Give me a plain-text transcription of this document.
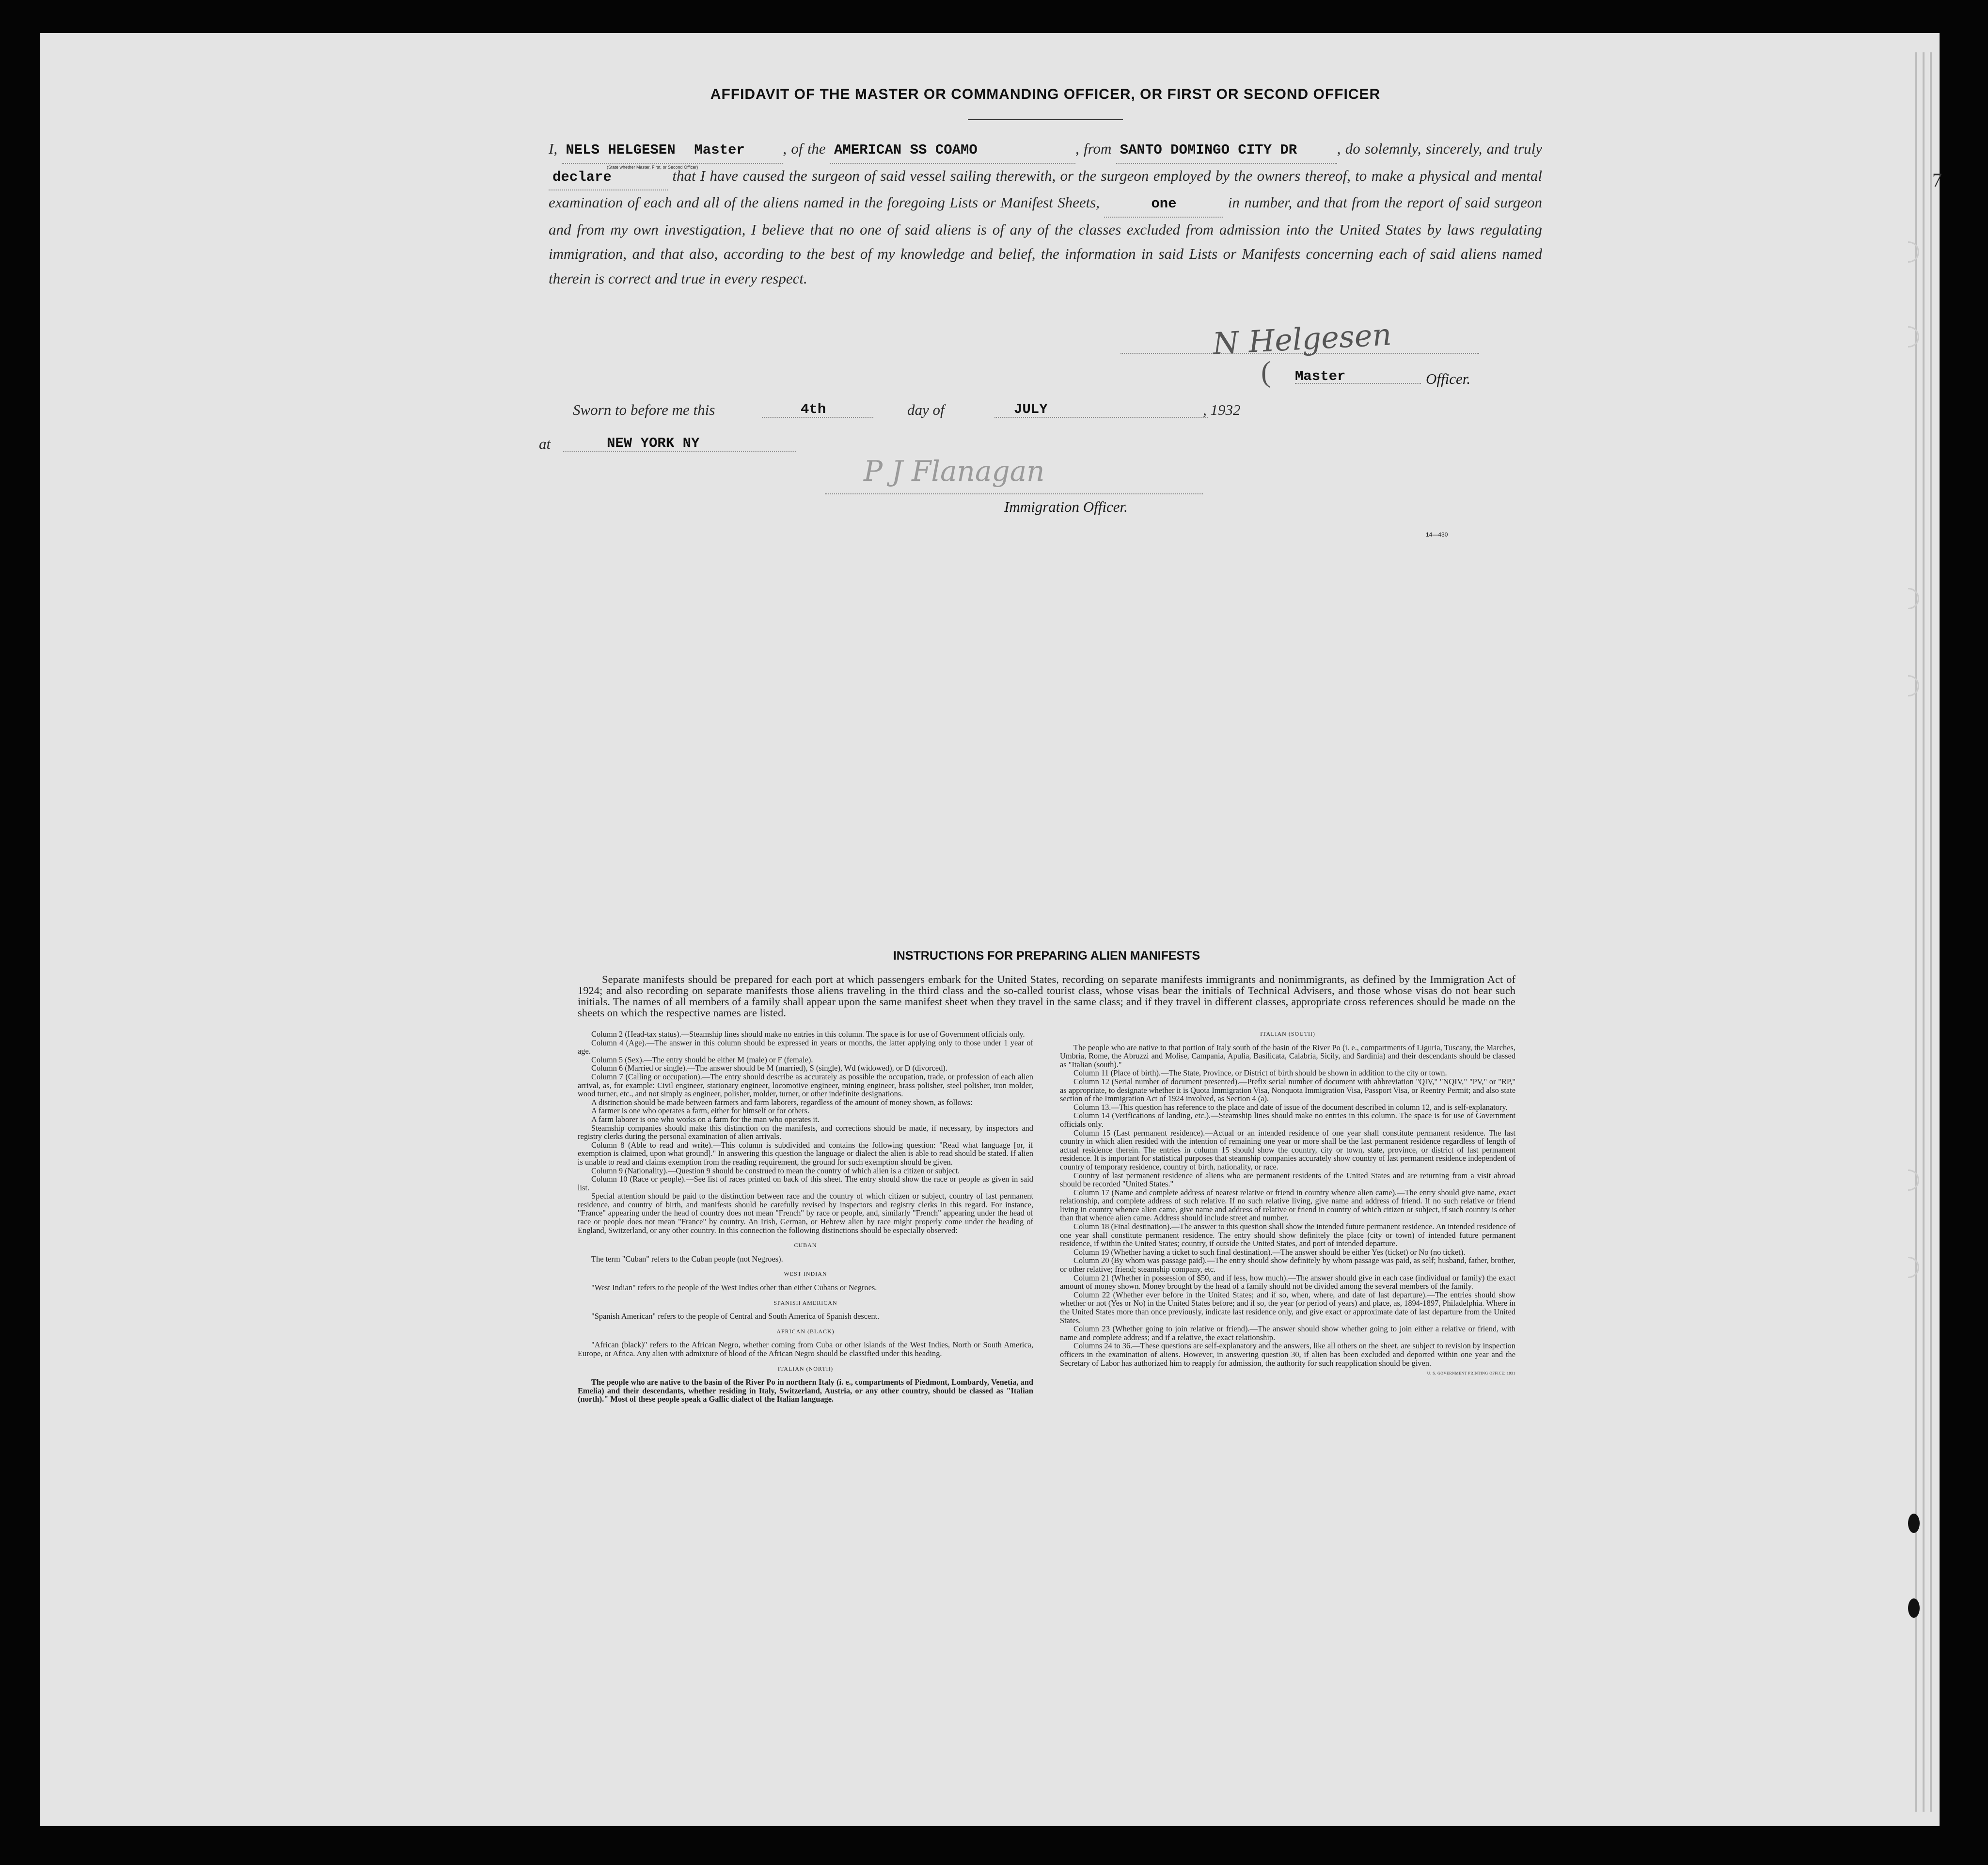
7
AFFIDAVIT OF THE MASTER OR COMMANDING OFFICER, OR FIRST OR SECOND OFFICER
I, NELS HELGESEN Master	, of the AMERICAN SS COAMO	, from SANTO DOMINGO CITY DR	, do
(State whether Master, First, or Second Officer)
solemnly, sincerely, and truly declare	that I have caused the surgeon of said vessel sailing therewith, or the surgeon employed by the owners thereof, to make a physical and mental examination of each and all of the aliens named in the foregoing Lists or Manifest Sheets,	one	in number, and that from the report of said surgeon and from my own investigation, I believe that no one of said aliens is of any of the classes excluded from admission into the United States by laws regulating immigration, and that also, according to the best of my knowledge and belief, the information in said Lists or Manifests concerning each of said aliens named therein is correct and true in every respect.
N Helgesen
( Master	Officer.
Sworn to before me this	4th	day of	JULY	, 1932
at	NEW YORK NY
P J Flanagan
Immigration Officer.
14—430
INSTRUCTIONS FOR PREPARING ALIEN MANIFESTS
Separate manifests should be prepared for each port at which passengers embark for the United States, recording on separate manifests immigrants and nonimmigrants, as defined by the Immigration Act of 1924; and also recording on separate manifests those aliens traveling in the third class and the so-called tourist class, whose visas bear the initials of Technical Advisers, and those whose visas do not bear such initials. The names of all members of a family shall appear upon the same manifest sheet when they travel in the same class; and if they travel in different classes, appropriate cross references should be made on the sheets on which the respective names are listed.

Column 2 (Head-tax status).—Steamship lines should make no entries in this column. The space is for use of Government officials only.

Column 4 (Age).—The answer in this column should be expressed in years or months, the latter applying only to those under 1 year of age.

Column 5 (Sex).—The entry should be either M (male) or F (female).

Column 6 (Married or single).—The answer should be M (married), S (single), Wd (widowed), or D (divorced).

Column 7 (Calling or occupation).—The entry should describe as accurately as possible the occupation, trade, or profession of each alien arrival, as, for example: Civil engineer, stationary engineer, locomotive engineer, mining engineer, brass polisher, steel polisher, iron molder, wood turner, etc., and not simply as engineer, polisher, molder, turner, or other indefinite designations.

A distinction should be made between farmers and farm laborers, regardless of the amount of money shown, as follows:

A farmer is one who operates a farm, either for himself or for others.

A farm laborer is one who works on a farm for the man who operates it.

Steamship companies should make this distinction on the manifests, and corrections should be made, if necessary, by inspectors and registry clerks during the personal examination of alien arrivals.

Column 8 (Able to read and write).—This column is subdivided and contains the following question: "Read what language [or, if exemption is claimed, upon what ground]." In answering this question the language or dialect the alien is able to read should be stated. If alien is unable to read and claims exemption from the reading requirement, the ground for such exemption should be given.

Column 9 (Nationality).—Question 9 should be construed to mean the country of which alien is a citizen or subject.

Column 10 (Race or people).—See list of races printed on back of this sheet. The entry should show the race or people as given in said list.

Special attention should be paid to the distinction between race and the country of which citizen or subject, country of last permanent residence, and country of birth, and manifests should be carefully revised by inspectors and registry clerks in this regard. For instance, "France" appearing under the head of country does not mean "French" by race or people, and, similarly "French" appearing under the head of race or people does not mean "France" by country. An Irish, German, or Hebrew alien by race might properly come under the heading of England, Switzerland, or any other country. In this connection the following distinctions should be especially observed:

CUBAN

The term "Cuban" refers to the Cuban people (not Negroes).

WEST INDIAN

"West Indian" refers to the people of the West Indies other than either Cubans or Negroes.

SPANISH AMERICAN

"Spanish American" refers to the people of Central and South America of Spanish descent.

AFRICAN (BLACK)

"African (black)" refers to the African Negro, whether coming from Cuba or other islands of the West Indies, North or South America, Europe, or Africa. Any alien with admixture of blood of the African Negro should be classified under this heading.

ITALIAN (NORTH)

The people who are native to the basin of the River Po in northern Italy (i. e., compartments of Piedmont, Lombardy, Venetia, and Emelia) and their descendants, whether residing in Italy, Switzerland, Austria, or any other country, should be classed as "Italian (north)." Most of these people speak a Gallic dialect of the Italian language.

ITALIAN (SOUTH)

The people who are native to that portion of Italy south of the basin of the River Po (i. e., compartments of Liguria, Tuscany, the Marches, Umbria, Rome, the Abruzzi and Molise, Campania, Apulia, Basilicata, Calabria, Sicily, and Sardinia) and their descendants should be classed as "Italian (south)."

Column 11 (Place of birth).—The State, Province, or District of birth should be shown in addition to the city or town.

Column 12 (Serial number of document presented).—Prefix serial number of document with abbreviation "QIV," "NQIV," "PV," or "RP," as appropriate, to designate whether it is Quota Immigration Visa, Nonquota Immigration Visa, Passport Visa, or Reentry Permit; and also state section of the Immigration Act of 1924 involved, as Section 4 (a).

Column 13.—This question has reference to the place and date of issue of the document described in column 12, and is self-explanatory.

Column 14 (Verifications of landing, etc.).—Steamship lines should make no entries in this column. The space is for use of Government officials only.

Column 15 (Last permanent residence).—Actual or an intended residence of one year shall constitute permanent residence. The last country in which alien resided with the intention of remaining one year or more shall be the last permanent residence regardless of length of actual residence therein. The entries in column 15 should show the country, city or town, state, province, or district of last permanent residence. It is important for statistical purposes that steamship companies accurately show country of last permanent residence independent of country of temporary residence, country of birth, nationality, or race.

Country of last permanent residence of aliens who are permanent residents of the United States and are returning from a visit abroad should be recorded "United States."

Column 17 (Name and complete address of nearest relative or friend in country whence alien came).—The entry should give name, exact relationship, and complete address of such relative. If no such relative living, give name and address of friend. If no such relative or friend living in country whence alien came, give name and address of relative or friend in country of which citizen or subject, if such country is other than that whence alien came. Address should include street and number.

Column 18 (Final destination).—The answer to this question shall show the intended future permanent residence. An intended residence of one year shall constitute permanent residence. The entry should show definitely the place (city or town) of intended future permanent residence, if within the United States; country, if outside the United States, and port of intended departure.

Column 19 (Whether having a ticket to such final destination).—The answer should be either Yes (ticket) or No (no ticket).

Column 20 (By whom was passage paid).—The entry should show definitely by whom passage was paid, as self; husband, father, brother, or other relative; friend; steamship company, etc.

Column 21 (Whether in possession of $50, and if less, how much).—The answer should give in each case (individual or family) the exact amount of money shown. Money brought by the head of a family should not be divided among the several members of the family.

Column 22 (Whether ever before in the United States; and if so, when, where, and date of last departure).—The entries should show whether or not (Yes or No) in the United States before; and if so, the year (or period of years) and place, as, 1894-1897, Philadelphia. Where in the United States more than once previously, indicate last residence only, and give exact or approximate date of last departure from the United States.

Column 23 (Whether going to join relative or friend).—The answer should show whether going to join either a relative or friend, with name and complete address; and if a relative, the exact relationship.

Columns 24 to 36.—These questions are self-explanatory and the answers, like all others on the sheet, are subject to revision by inspection officers in the examination of aliens. However, in answering question 30, if alien has been excluded and deported within one year and the Secretary of Labor has authorized him to reapply for admission, the authority for such reapplication should be given.

U. S. GOVERNMENT PRINTING OFFICE: 1931
